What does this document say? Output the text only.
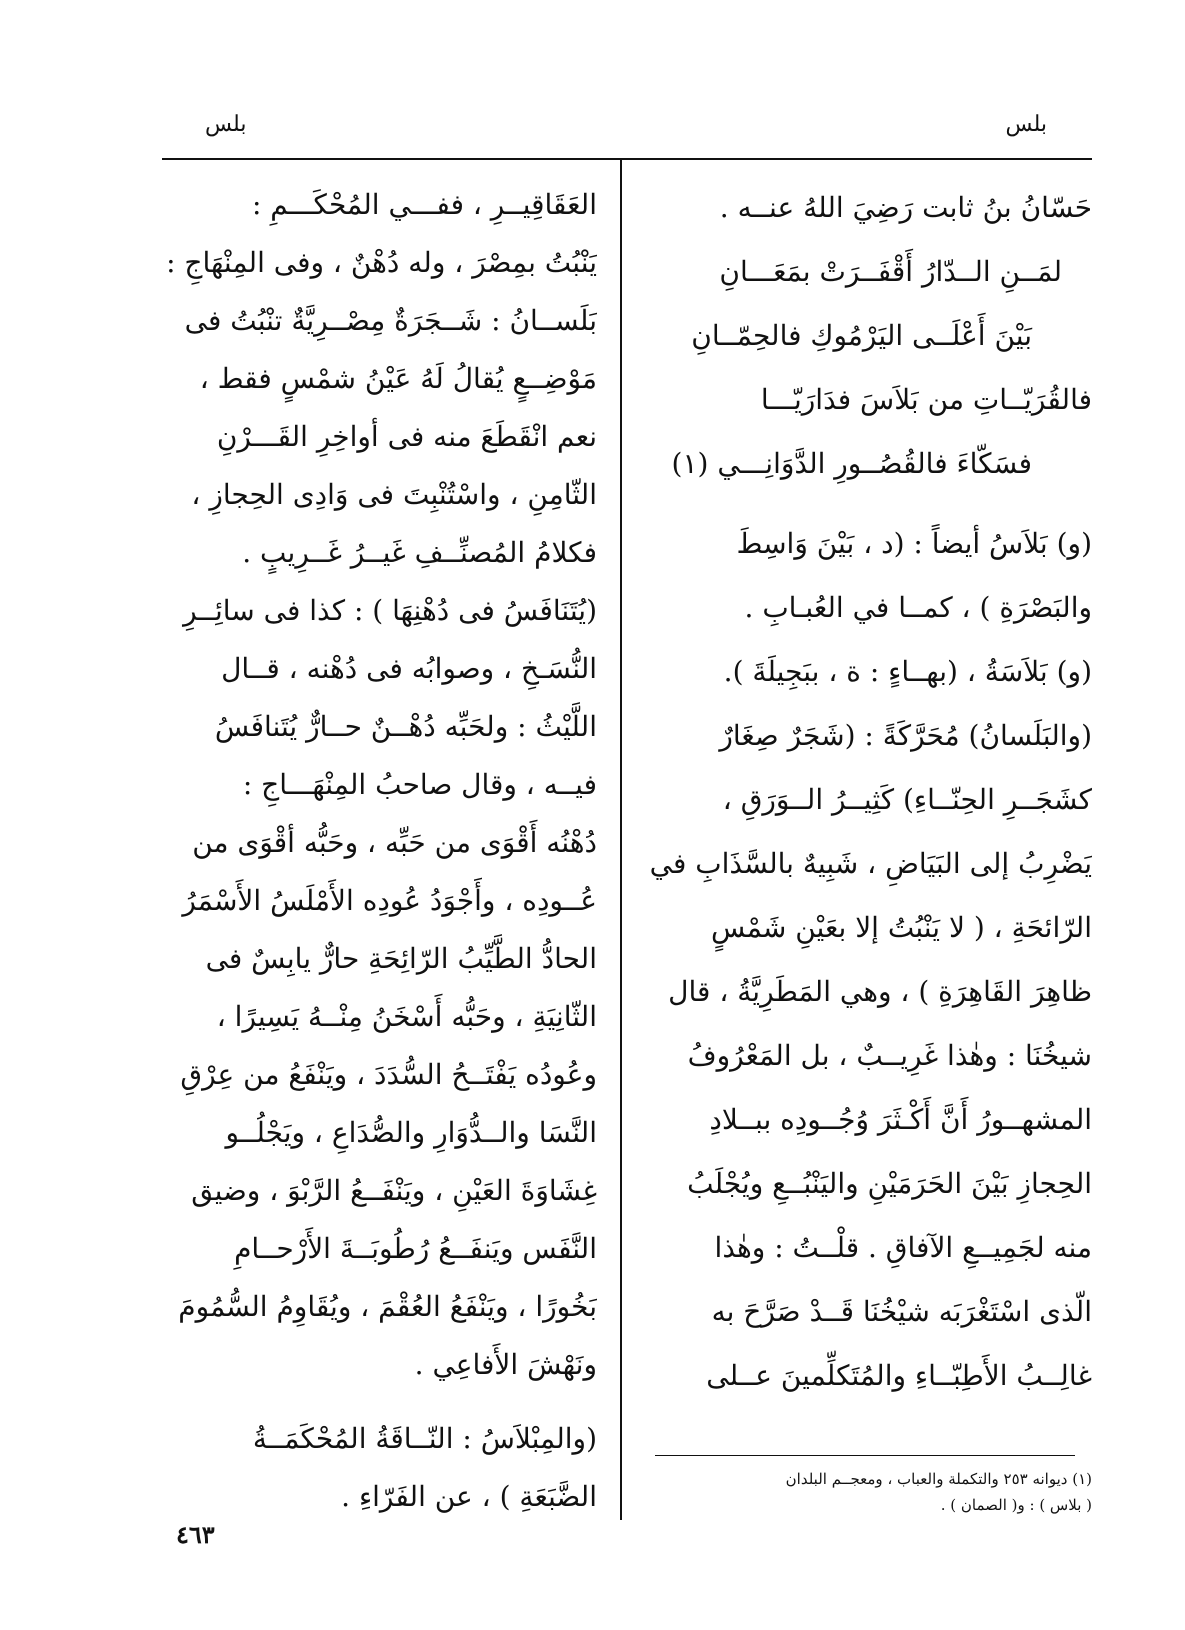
بلس
بلس
حَسّانُ بنُ ثابت رَضِيَ اللهُ عنــه .
لمَــنِ الــدّارُ أَقْفَــرَتْ بمَعَـــانِ
بَيْنَ أَعْلَــى اليَرْمُوكِ فالحِمّــانِ
فالقُرَيّــاتِ من بَلاَسَ فدَارَيّـــا
فسَكّاءَ فالقُصُــورِ الدَّوَانِـــي (١)
(و) بَلاَسُ أيضاً : (د ، بَيْنَ وَاسِطَ
والبَصْرَةِ ) ، كمــا في العُبـابِ .
(و) بَلاَسَةُ ، (بهــاءٍ : ة ، ببَجِيلَةَ ).
(والبَلَسانُ) مُحَرَّكَةً : (شَجَرٌ صِغَارٌ
كشَجَــرِ الحِنّــاءِ) كَثِيــرُ الــوَرَقِ ،
يَضْرِبُ إلى البَيَاضِ ، شَبِيهٌ بالسَّذَابِ في
الرّائحَةِ ، ( لا يَنْبُتُ إلا بعَيْنِ شَمْسٍ
ظاهِرَ القَاهِرَةِ ) ، وهي المَطَرِيَّةُ ، قال
شيخُنَا : وهٰذا غَرِيــبٌ ، بل المَعْرُوفُ
المشهــورُ أَنَّ أَكْـثَرَ وُجُــودِه ببــلادِ
الحِجازِ بَيْنَ الحَرَمَيْنِ واليَنْبُــعِ ويُجْلَبُ
منه لجَمِيــعِ الآفاقِ . قلْــتُ : وهٰذا
الّذى اسْتَغْرَبَه شيْخُنَا قَــدْ صَرَّحَ به
غالِــبُ الأَطِبّــاءِ والمُتَكلِّمينَ عــلى
العَقَاقِيــرِ ، ففـــي المُحْكَـــمِ :
يَنْبُتُ بمِصْرَ ، وله دُهْنٌ ، وفى المِنْهَاجِ :
بَلَســانُ : شَــجَرَةٌ مِصْــرِيَّةٌ تنْبُتُ فى
مَوْضِــعٍ يُقالُ لَهُ عَيْنُ شمْسٍ فقط ،
نعم انْقَطَعَ منه فى أواخِرِ القَـــرْنِ
الثّامِنِ ، واسْتُنْبِتَ فى وَادِى الحِجازِ ،
فكلامُ المُصنِّــفِ غَيــرُ غَــرِيبٍ .
(يُتَنَافَسُ فى دُهْنِهَا ) : كذا فى سائِــرِ
النُّسَـخِ ، وصوابُه فى دُهْنه ، قــال
اللَّيْثُ : ولحَبِّه دُهْــنٌ حــارٌّ يُتَنافَسُ
فيــه ، وقال صاحبُ المِنْهَـــاجِ :
دُهْنُه أَقْوَى من حَبِّه ، وحَبُّه أقْوَى من
عُــودِه ، وأَجْوَدُ عُودِه الأَمْلَسُ الأَسْمَرُ
الحادُّ الطَّيِّبُ الرّائِحَةِ حارٌّ يابِسٌ فى
الثّانِيَةِ ، وحَبُّه أَسْخَنُ مِنْــهُ يَسِيرًا ،
وعُودُه يَفْتَــحُ السُّدَدَ ، ويَنْفَعُ من عِرْقِ
النَّسَا والــدُّوَارِ والصُّدَاعِ ، ويَجْلُــو
غِشَاوَةَ العَيْنِ ، ويَنْفَــعُ الرَّبْوَ ، وضيق
النَّفَس ويَنفَــعُ رُطُوبَــةَ الأَرْحــامِ
بَخُورًا ، ويَنْفَعُ العُقْمَ ، ويُقَاوِمُ السُّمُومَ
ونَهْشَ الأَفاعِي .
(والمِبْلاَسُ : النّــاقَةُ المُحْكَمَــةُ
الضَّبَعَةِ ) ، عن الفَرّاءِ .
(١) ديوانه ٢٥٣ والتكملة والعباب ، ومعجــم البلدان
( بلاس ) : و( الصمان ) .
٤٦٣
